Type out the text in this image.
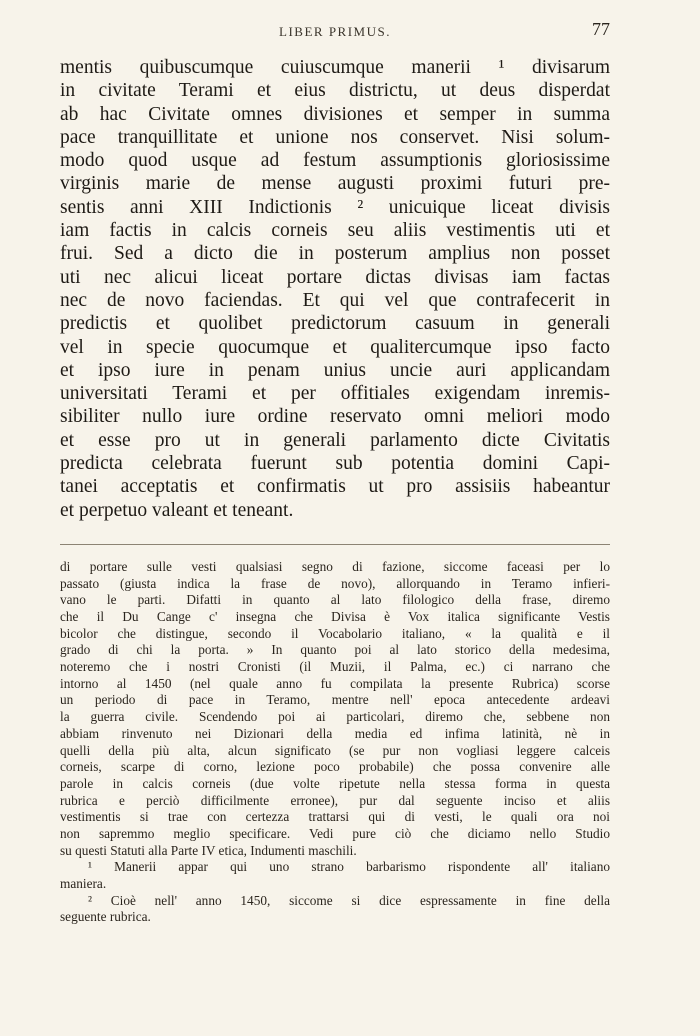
LIBER PRIMUS.	77
mentis quibuscumque cuiuscumque manerii ¹ divisarum
in civitate Terami et eius districtu, ut deus disperdat
ab hac Civitate omnes divisiones et semper in summa
pace tranquillitate et unione nos conservet. Nisi solum-
modo quod usque ad festum assumptionis gloriosissime
virginis marie de mense augusti proximi futuri pre-
sentis anni XIII Indictionis ² unicuique liceat divisis
iam factis in calcis corneis seu aliis vestimentis uti et
frui. Sed a dicto die in posterum amplius non posset
uti nec alicui liceat portare dictas divisas iam factas
nec de novo faciendas. Et qui vel que contrafecerit in
predictis et quolibet predictorum casuum in generali
vel in specie quocumque et qualitercumque ipso facto
et ipso iure in penam unius uncie auri applicandam
universitati Terami et per offitiales exigendam inremis-
sibiliter nullo iure ordine reservato omni meliori modo
et esse pro ut in generali parlamento dicte Civitatis
predicta celebrata fuerunt sub potentia domini Capi-
tanei acceptatis et confirmatis ut pro assisiis habeantur
et perpetuo valeant et teneant.
di portare sulle vesti qualsiasi segno di fazione, siccome faceasi per lo
passato (giusta indica la frase de novo), allorquando in Teramo infieri-
vano le parti. Difatti in quanto al lato filologico della frase, diremo
che il Du Cange c' insegna che Divisa è Vox italica significante Vestis
bicolor che distingue, secondo il Vocabolario italiano, « la qualità e il
grado di chi la porta. » In quanto poi al lato storico della medesima,
noteremo che i nostri Cronisti (il Muzii, il Palma, ec.) ci narrano che
intorno al 1450 (nel quale anno fu compilata la presente Rubrica) scorse
un periodo di pace in Teramo, mentre nell' epoca antecedente ardeavi
la guerra civile. Scendendo poi ai particolari, diremo che, sebbene non
abbiam rinvenuto nei Dizionari della media ed infima latinità, nè in
quelli della più alta, alcun significato (se pur non vogliasi leggere calceis
corneis, scarpe di corno, lezione poco probabile) che possa convenire alle
parole in calcis corneis (due volte ripetute nella stessa forma in questa
rubrica e perciò difficilmente erronee), pur dal seguente inciso et aliis
vestimentis si trae con certezza trattarsi qui di vesti, le quali ora noi
non sapremmo meglio specificare. Vedi pure ciò che diciamo nello Studio
su questi Statuti alla Parte IV etica, Indumenti maschili.
¹ Manerii appar qui uno strano barbarismo rispondente all' italiano
maniera.
² Cioè nell' anno 1450, siccome si dice espressamente in fine della
seguente rubrica.
